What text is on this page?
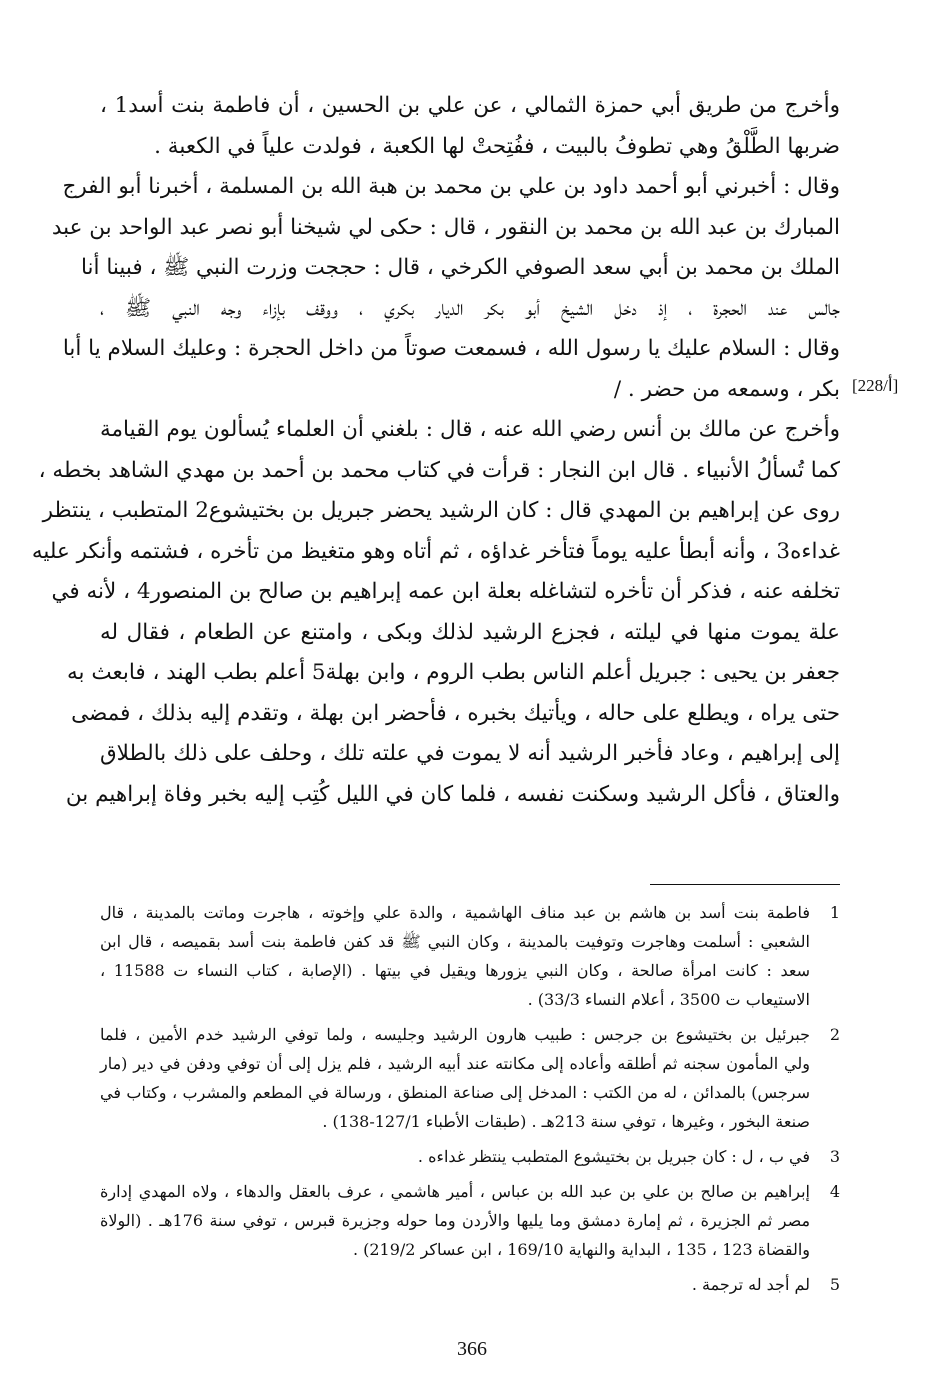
وأخرج من طريق أبي حمزة الثمالي ، عن علي بن الحسين ، أن فاطمة بنت أسد1 ،
ضربها الطَّلْقُ وهي تطوفُ بالبيت ، ففُتِحتْ لها الكعبة ، فولدت علياً في الكعبة .
وقال : أخبرني أبو أحمد داود بن علي بن محمد بن هبة الله بن المسلمة ، أخبرنا أبو الفرج
المبارك بن عبد الله بن محمد بن النقور ، قال : حكى لي شيخنا أبو نصر عبد الواحد بن عبد
الملك بن محمد بن أبي سعد الصوفي الكرخي ، قال : حججت وزرت النبي ﷺ ، فبينا أنا
جالس عند الحجرة ، إذ دخل الشيخ أبو بكر الديار بكري ، ووقف بإزاء وجه النبي ﷺ ،
وقال : السلام عليك يا رسول الله ، فسمعت صوتاً من داخل الحجرة : وعليك السلام يا أبا
بكر ، وسمعه من حضر . /
وأخرج عن مالك بن أنس رضي الله عنه ، قال : بلغني أن العلماء يُسألون يوم القيامة
كما تُسألُ الأنبياء . قال ابن النجار : قرأت في كتاب محمد بن أحمد بن مهدي الشاهد بخطه ،
روى عن إبراهيم بن المهدي قال : كان الرشيد يحضر جبريل بن بختيشوع2 المتطبب ، ينتظر
غداءه3 ، وأنه أبطأ عليه يوماً فتأخر غداؤه ، ثم أتاه وهو متغيظ من تأخره ، فشتمه وأنكر عليه
تخلفه عنه ، فذكر أن تأخره لتشاغله بعلة ابن عمه إبراهيم بن صالح بن المنصور4 ، لأنه في
علة يموت منها في ليلته ، فجزع الرشيد لذلك وبكى ، وامتنع عن الطعام ، فقال له
جعفر بن يحيى : جبريل أعلم الناس بطب الروم ، وابن بهلة5 أعلم بطب الهند ، فابعث به
حتى يراه ، ويطلع على حاله ، ويأتيك بخبره ، فأحضر ابن بهلة ، وتقدم إليه بذلك ، فمضى
إلى إبراهيم ، وعاد فأخبر الرشيد أنه لا يموت في علته تلك ، وحلف على ذلك بالطلاق
والعتاق ، فأكل الرشيد وسكنت نفسه ، فلما كان في الليل كُتِب إليه بخبر وفاة إبراهيم بن
[228/أ]
1
فاطمة بنت أسد بن هاشم بن عبد مناف الهاشمية ، والدة علي وإخوته ، هاجرت وماتت بالمدينة ، قال
الشعبي : أسلمت وهاجرت وتوفيت بالمدينة ، وكان النبي ﷺ قد كفن فاطمة بنت أسد بقميصه ، قال ابن
سعد : كانت امرأة صالحة ، وكان النبي يزورها ويقيل في بيتها . (الإصابة ، كتاب النساء ت 11588 ،
الاستيعاب ت 3500 ، أعلام النساء 33/3) .
2
جبرئيل بن بختيشوع بن جرجس : طبيب هارون الرشيد وجليسه ، ولما توفي الرشيد خدم الأمين ، فلما
ولي المأمون سجنه ثم أطلقه وأعاده إلى مكانته عند أبيه الرشيد ، فلم يزل إلى أن توفي ودفن في دير (مار
سرجس) بالمدائن ، له من الكتب : المدخل إلى صناعة المنطق ، ورسالة في المطعم والمشرب ، وكتاب في
صنعة البخور ، وغيرها ، توفي سنة 213هـ . (طبقات الأطباء 127/1-138) .
3
في ب ، ل : كان جبريل بن بختيشوع المتطبب ينتظر غداءه .
4
إبراهيم بن صالح بن علي بن عبد الله بن عباس ، أمير هاشمي ، عرف بالعقل والدهاء ، ولاه المهدي إدارة
مصر ثم الجزيرة ، ثم إمارة دمشق وما يليها والأردن وما حوله وجزيرة قبرس ، توفي سنة 176هـ . (الولاة
والقضاة 123 ، 135 ، البداية والنهاية 169/10 ، ابن عساكر 219/2) .
5
لم أجد له ترجمة .
366
